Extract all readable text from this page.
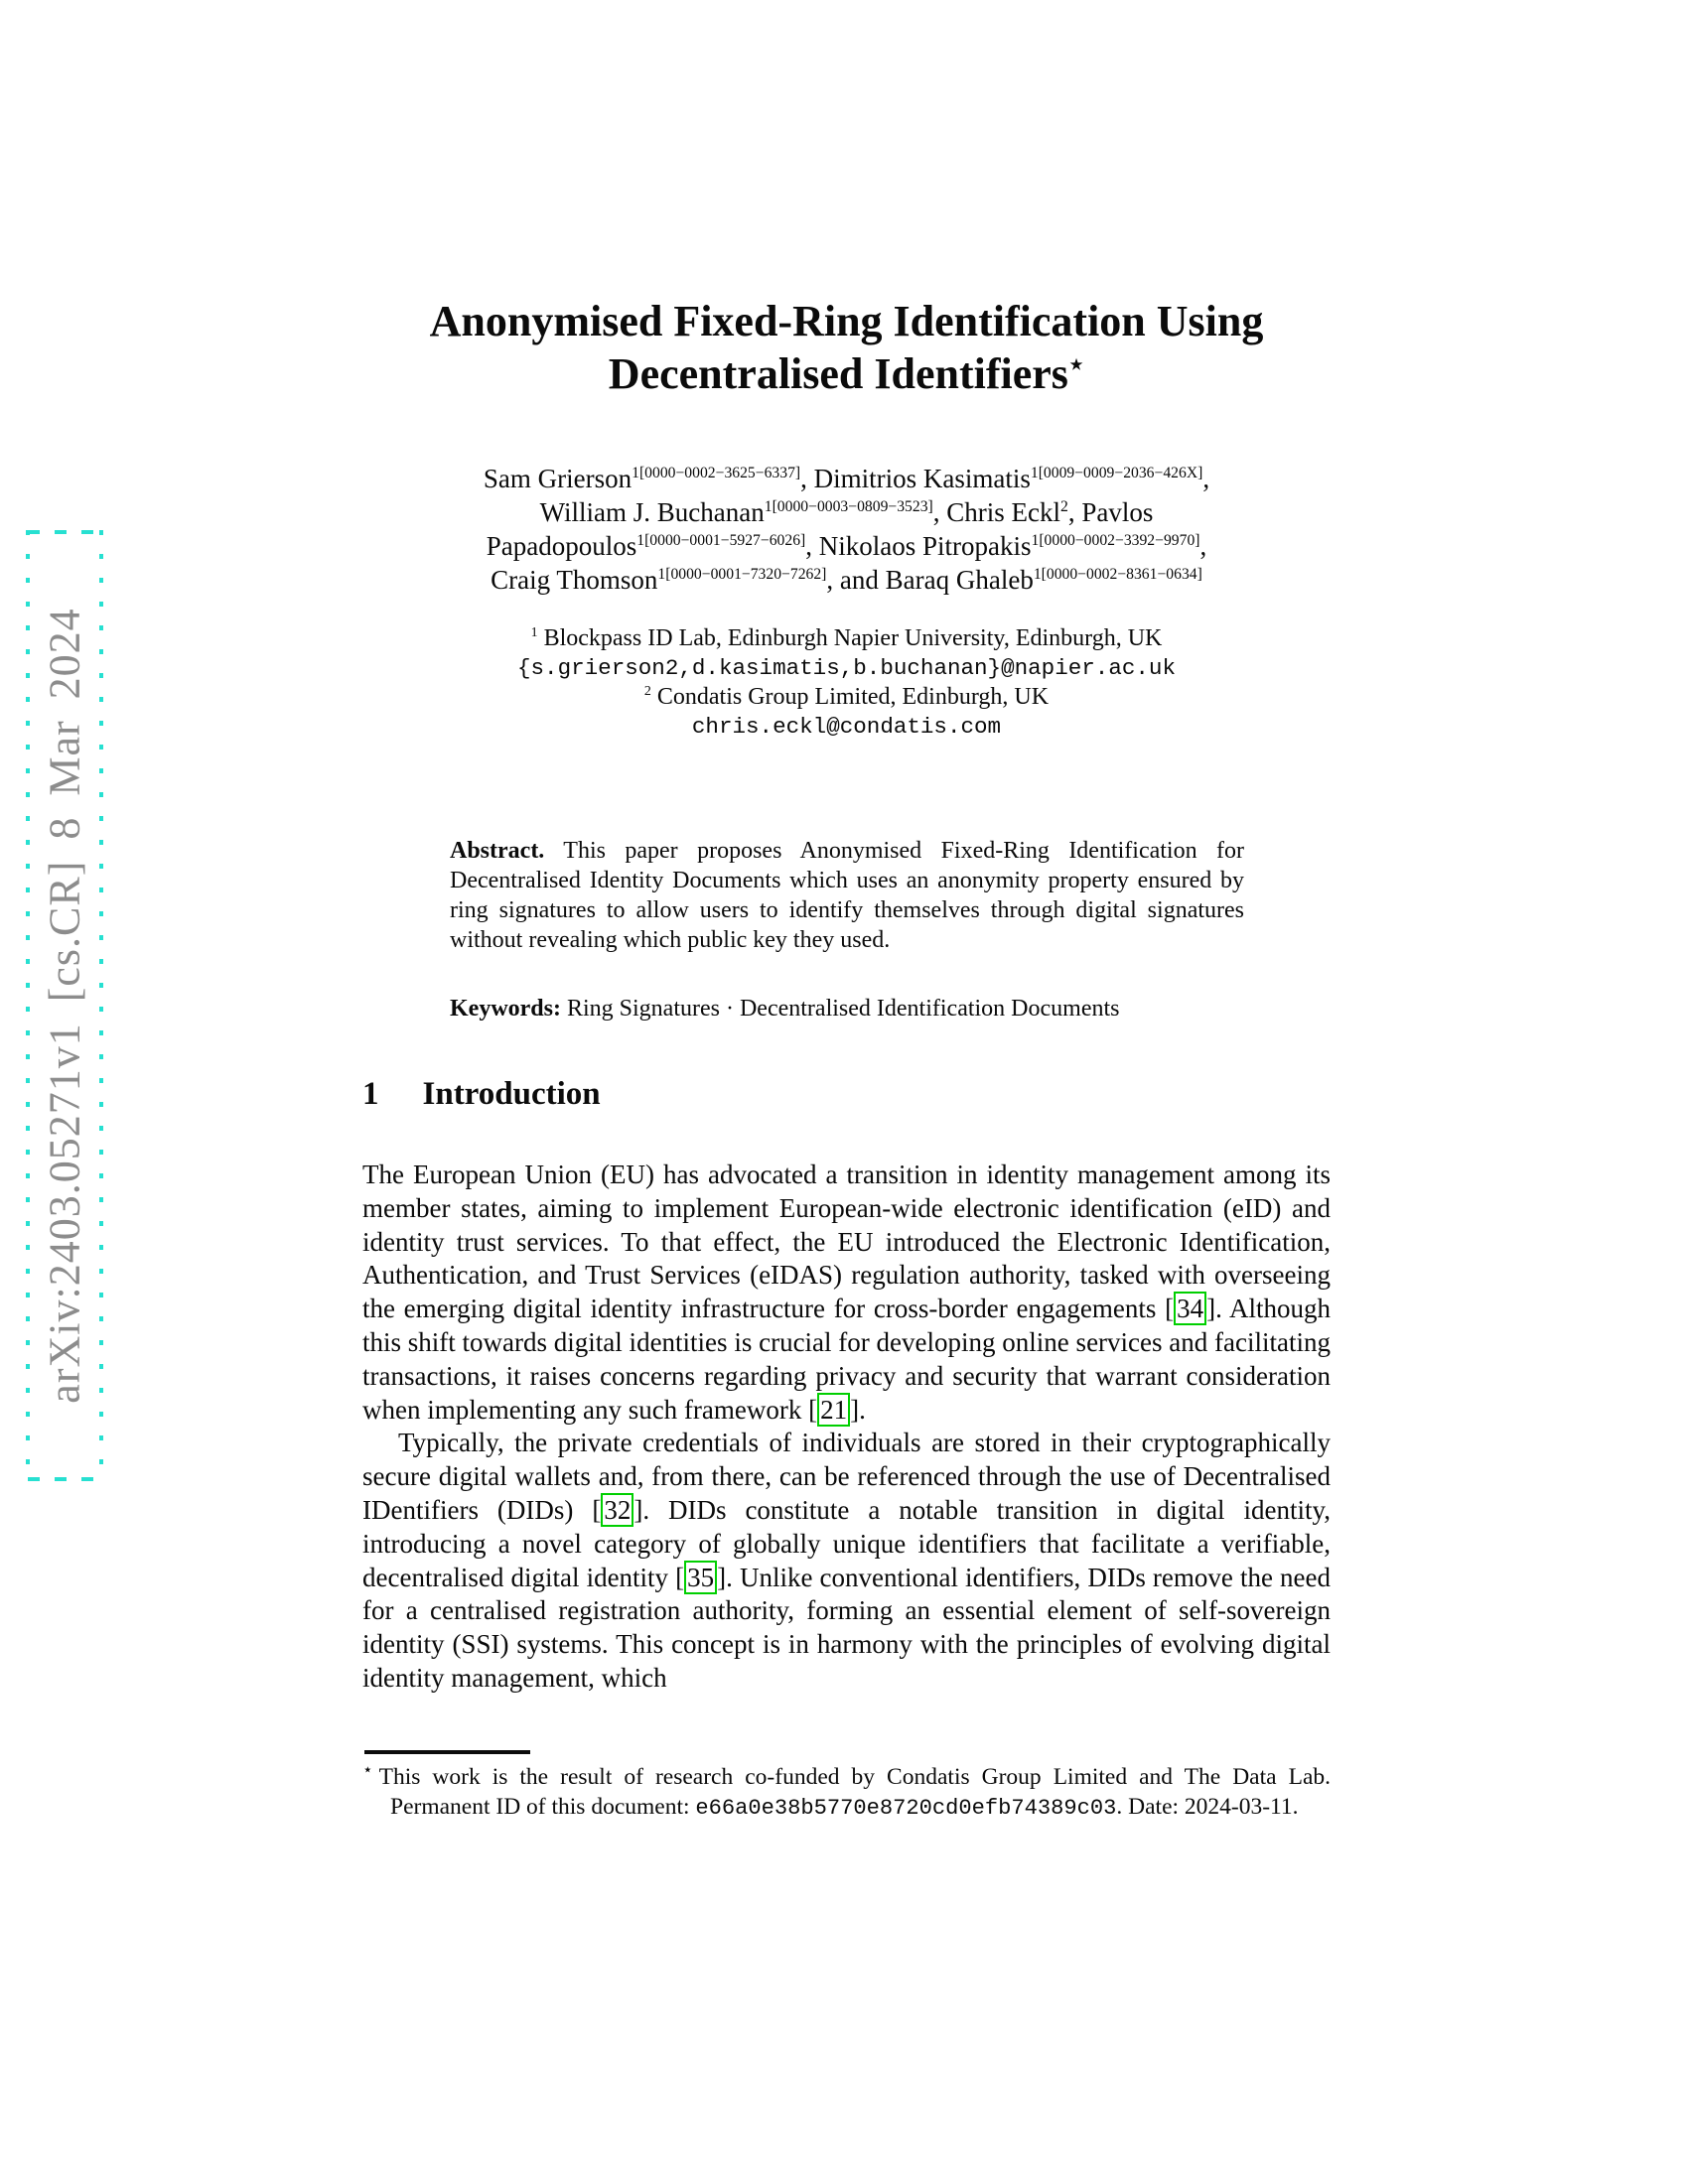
arXiv:2403.05271v1 [cs.CR] 8 Mar 2024
Anonymised Fixed-Ring Identification Using
Decentralised Identifiers⋆
Sam Grierson$^{1[0000-0002-3625-6337]}$, Dimitrios Kasimatis$^{1[0009-0009-2036-426X]}$,
William J. Buchanan$^{1[0000-0003-0809-3523]}$, Chris Eckl$^2$, Pavlos
Papadopoulos$^{1[0000-0001-5927-6026]}$, Nikolaos Pitropakis$^{1[0000-0002-3392-9970]}$,
Craig Thomson$^{1[0000-0001-7320-7262]}$, and Baraq Ghaleb$^{1[0000-0002-8361-0634]}$
$^1$ Blockpass ID Lab, Edinburgh Napier University, Edinburgh, UK
{s.grierson2,d.kasimatis,b.buchanan}@napier.ac.uk
$^2$ Condatis Group Limited, Edinburgh, UK
chris.eckl@condatis.com
Abstract. This paper proposes Anonymised Fixed-Ring Identification for Decentralised Identity Documents which uses an anonymity property ensured by ring signatures to allow users to identify themselves through digital signatures without revealing which public key they used.
Keywords: Ring Signatures · Decentralised Identification Documents
1 Introduction

The European Union (EU) has advocated a transition in identity management among its member states, aiming to implement European-wide electronic identification (eID) and identity trust services. To that effect, the EU introduced the Electronic Identification, Authentication, and Trust Services (eIDAS) regulation authority, tasked with overseeing the emerging digital identity infrastructure for cross-border engagements [ 34 ]. Although this shift towards digital identities is crucial for developing online services and facilitating transactions, it raises concerns regarding privacy and security that warrant consideration when implementing any such framework [ 21 ].

Typically, the private credentials of individuals are stored in their cryptographically secure digital wallets and, from there, can be referenced through the use of Decentralised IDentifiers (DIDs) [ 32 ]. DIDs constitute a notable transition in digital identity, introducing a novel category of globally unique identifiers that facilitate a verifiable, decentralised digital identity [ 35 ]. Unlike conventional identifiers, DIDs remove the need for a centralised registration authority, forming an essential element of self-sovereign identity (SSI) systems. This concept is in harmony with the principles of evolving digital identity management, which

⋆ This work is the result of research co-funded by Condatis Group Limited and The Data Lab. Permanent ID of this document: e66a0e38b5770e8720cd0efb74389c03. Date: 2024-03-11.
